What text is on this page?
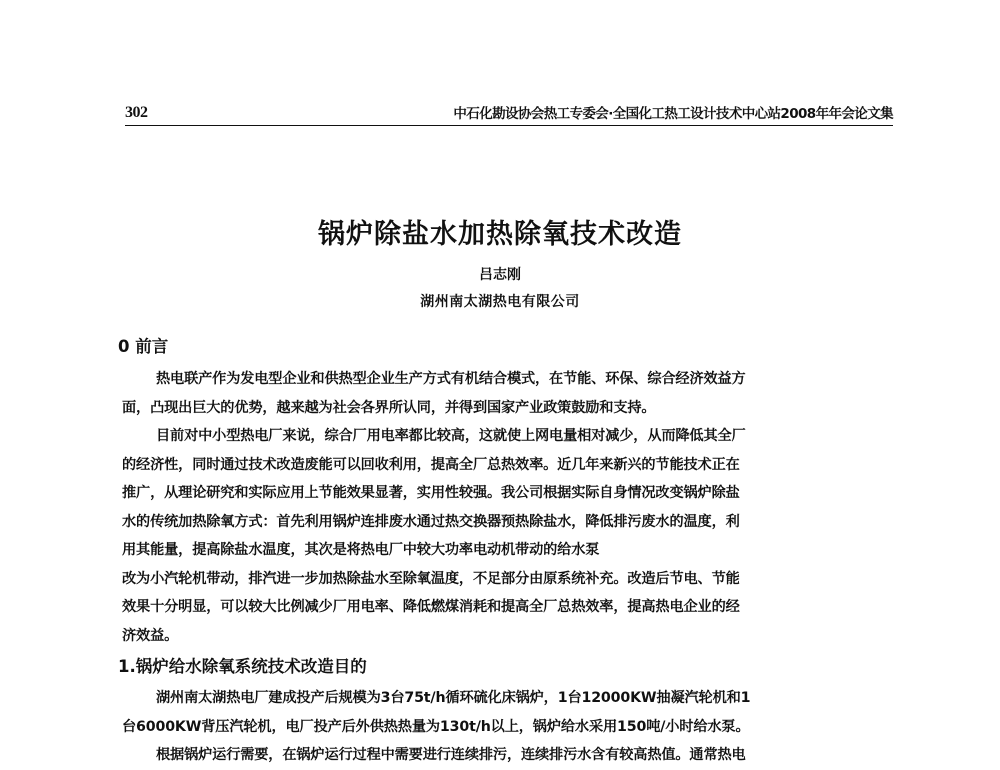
302	中石化勘设协会热工专委会·全国化工热工设计技术中心站2008年年会论文集
锅炉除盐水加热除氧技术改造
吕志刚
湖州南太湖热电有限公司
0 前言
热电联产作为发电型企业和供热型企业生产方式有机结合模式，在节能、环保、综合经济效益方
面，凸现出巨大的优势，越来越为社会各界所认同，并得到国家产业政策鼓励和支持。
目前对中小型热电厂来说，综合厂用电率都比较高，这就使上网电量相对减少，从而降低其全厂
的经济性，同时通过技术改造废能可以回收利用，提高全厂总热效率。近几年来新兴的节能技术正在
推广，从理论研究和实际应用上节能效果显著，实用性较强。我公司根据实际自身情况改变锅炉除盐
水的传统加热除氧方式：首先利用锅炉连排废水通过热交换器预热除盐水，降低排污废水的温度，利
用其能量，提高除盐水温度，其次是将热电厂中较大功率电动机带动的给水泵
改为小汽轮机带动，排汽进一步加热除盐水至除氧温度，不足部分由原系统补充。改造后节电、节能
效果十分明显，可以较大比例减少厂用电率、降低燃煤消耗和提高全厂总热效率，提高热电企业的经
济效益。
1.锅炉给水除氧系统技术改造目的
湖州南太湖热电厂建成投产后规模为3台75t/h循环硫化床锅炉，1台12000KW抽凝汽轮机和1
台6000KW背压汽轮机，电厂投产后外供热热量为130t/h以上，锅炉给水采用150吨/小时给水泵。
根据锅炉运行需要，在锅炉运行过程中需要进行连续排污，连续排污水含有较高热值。通常热电
